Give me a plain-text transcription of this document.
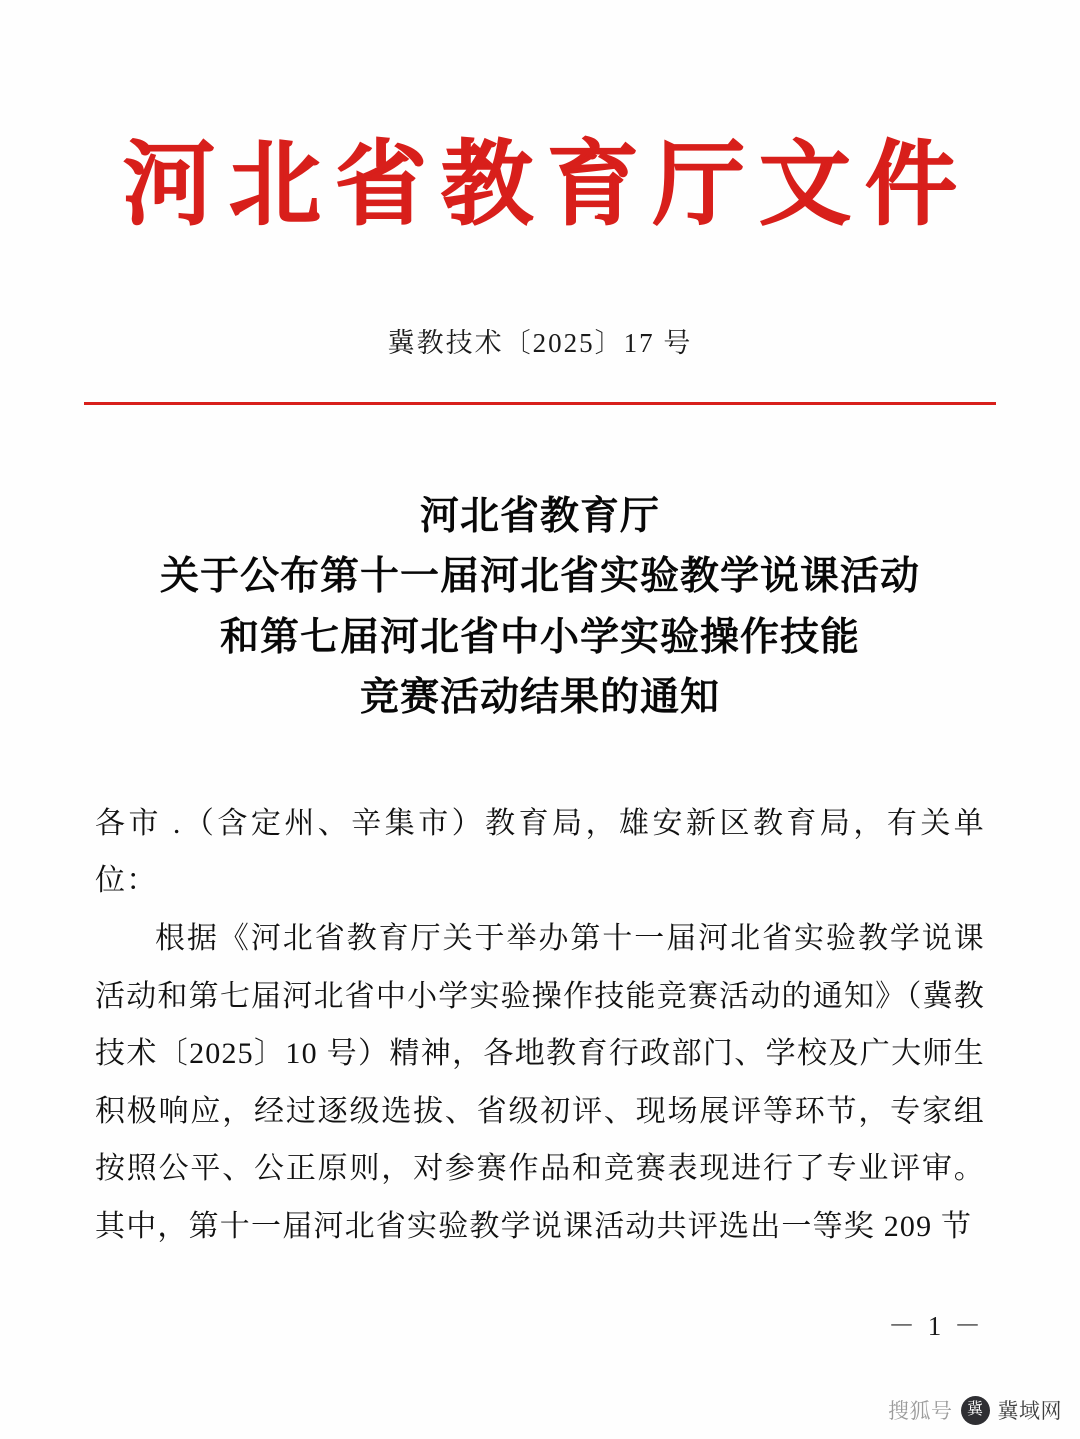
河北省教育厅文件
冀教技术〔2025〕17 号
河北省教育厅
关于公布第十一届河北省实验教学说课活动
和第七届河北省中小学实验操作技能
竞赛活动结果的通知

各市 .（含定州、辛集市）教育局，雄安新区教育局，有关单位：

根据《河北省教育厅关于举办第十一届河北省实验教学说课活动和第七届河北省中小学实验操作技能竞赛活动的通知》（冀教技术〔2025〕10 号）精神，各地教育行政部门、学校及广大师生积极响应，经过逐级选拔、省级初评、现场展评等环节，专家组按照公平、公正原则，对参赛作品和竞赛表现进行了专业评审。其中，第十一届河北省实验教学说课活动共评选出一等奖 209 节

－ 1 －
搜狐号 冀 冀域网
